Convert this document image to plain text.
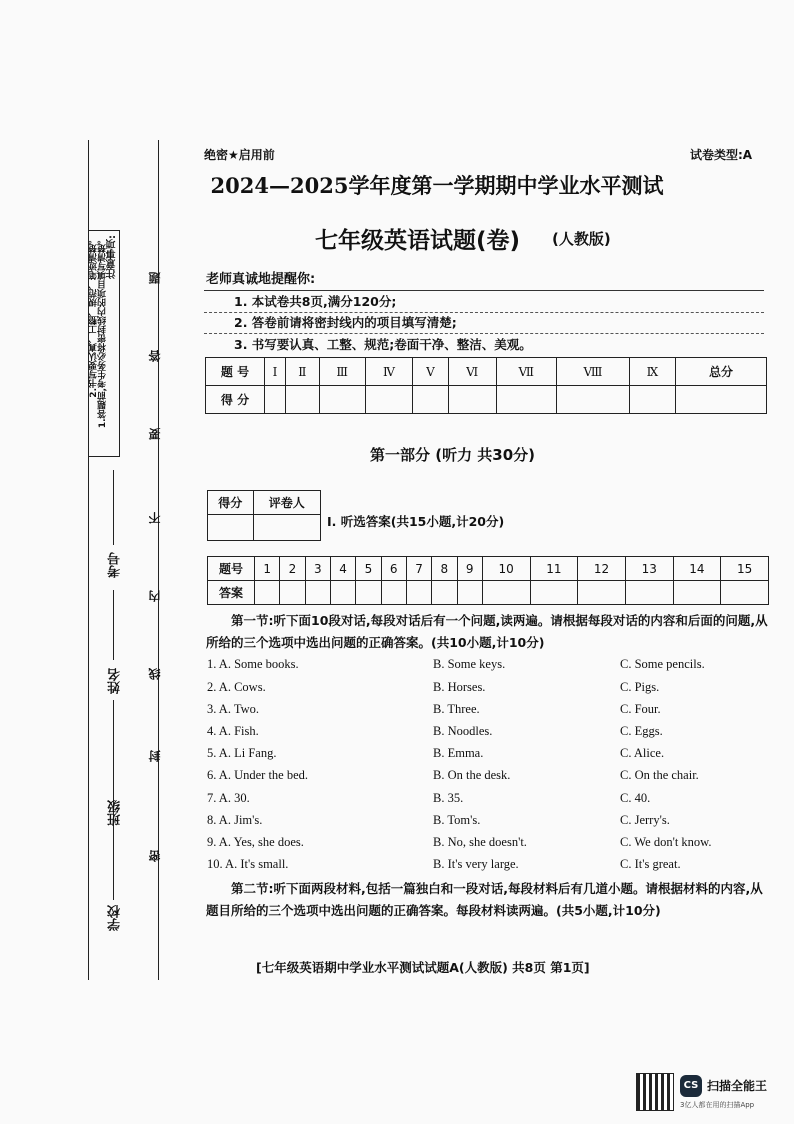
注意事项:
1.答题前,考生务必将密封线内的项目填写清楚。
2.书写要认真、工整、规范、笔迹清楚。
学校
班级
姓名
考号
密
封
线
内
不
要
答
题
绝密★启用前	试卷类型:A
2024—2025学年度第一学期期中学业水平测试
七年级英语试题(卷) (人教版)
老师真诚地提醒你:
1. 本试卷共8页,满分120分;
2. 答卷前请将密封线内的项目填写清楚;
3. 书写要认真、工整、规范;卷面干净、整洁、美观。
题 号	Ⅰ	Ⅱ	Ⅲ	Ⅳ	Ⅴ	Ⅵ	Ⅶ	Ⅷ	Ⅸ	总分
得 分										
第一部分 (听力 共30分)
得分	评卷人

Ⅰ. 听选答案(共15小题,计20分)
题号	1	2	3	4	5	6	7	8	9	10	11	12	13	14	15
答案															
第一节:听下面10段对话,每段对话后有一个问题,读两遍。请根据每段对话的内容和后面的问题,从所给的三个选项中选出问题的正确答案。(共10小题,计10分)
1. A. Some books.	B. Some keys.	C. Some pencils.
2. A. Cows.	B. Horses.	C. Pigs.
3. A. Two.	B. Three.	C. Four.
4. A. Fish.	B. Noodles.	C. Eggs.
5. A. Li Fang.	B. Emma.	C. Alice.
6. A. Under the bed.	B. On the desk.	C. On the chair.
7. A. 30.	B. 35.	C. 40.
8. A. Jim's.	B. Tom's.	C. Jerry's.
9. A. Yes, she does.	B. No, she doesn't.	C. We don't know.
10. A. It's small.	B. It's very large.	C. It's great.
第二节:听下面两段材料,包括一篇独白和一段对话,每段材料后有几道小题。请根据材料的内容,从题目所给的三个选项中选出问题的正确答案。每段材料读两遍。(共5小题,计10分)
[七年级英语期中学业水平测试试题A(人教版) 共8页 第1页]
CS 扫描全能王
3亿人都在用的扫描App
